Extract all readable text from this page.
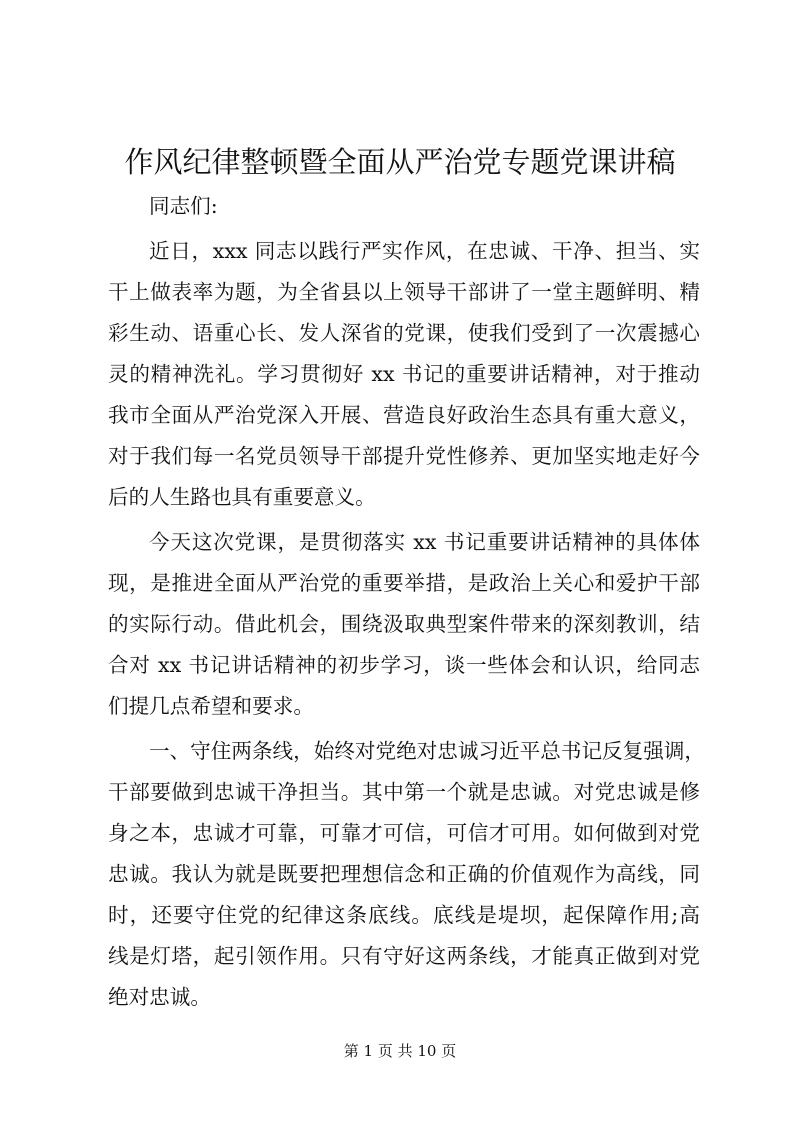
作风纪律整顿暨全面从严治党专题党课讲稿
同志们:
近日，xxx 同志以践行严实作风，在忠诚、干净、担当、实
干上做表率为题，为全省县以上领导干部讲了一堂主题鲜明、精
彩生动、语重心长、发人深省的党课，使我们受到了一次震撼心
灵的精神洗礼。学习贯彻好 xx 书记的重要讲话精神，对于推动
我市全面从严治党深入开展、营造良好政治生态具有重大意义，
对于我们每一名党员领导干部提升党性修养、更加坚实地走好今
后的人生路也具有重要意义。
今天这次党课，是贯彻落实 xx 书记重要讲话精神的具体体
现，是推进全面从严治党的重要举措，是政治上关心和爱护干部
的实际行动。借此机会，围绕汲取典型案件带来的深刻教训，结
合对 xx 书记讲话精神的初步学习，谈一些体会和认识，给同志
们提几点希望和要求。
一、守住两条线，始终对党绝对忠诚习近平总书记反复强调，
干部要做到忠诚干净担当。其中第一个就是忠诚。对党忠诚是修
身之本，忠诚才可靠，可靠才可信，可信才可用。如何做到对党
忠诚。我认为就是既要把理想信念和正确的价值观作为高线，同
时，还要守住党的纪律这条底线。底线是堤坝，起保障作用;高
线是灯塔，起引领作用。只有守好这两条线，才能真正做到对党
绝对忠诚。
第 1 页 共 10 页
